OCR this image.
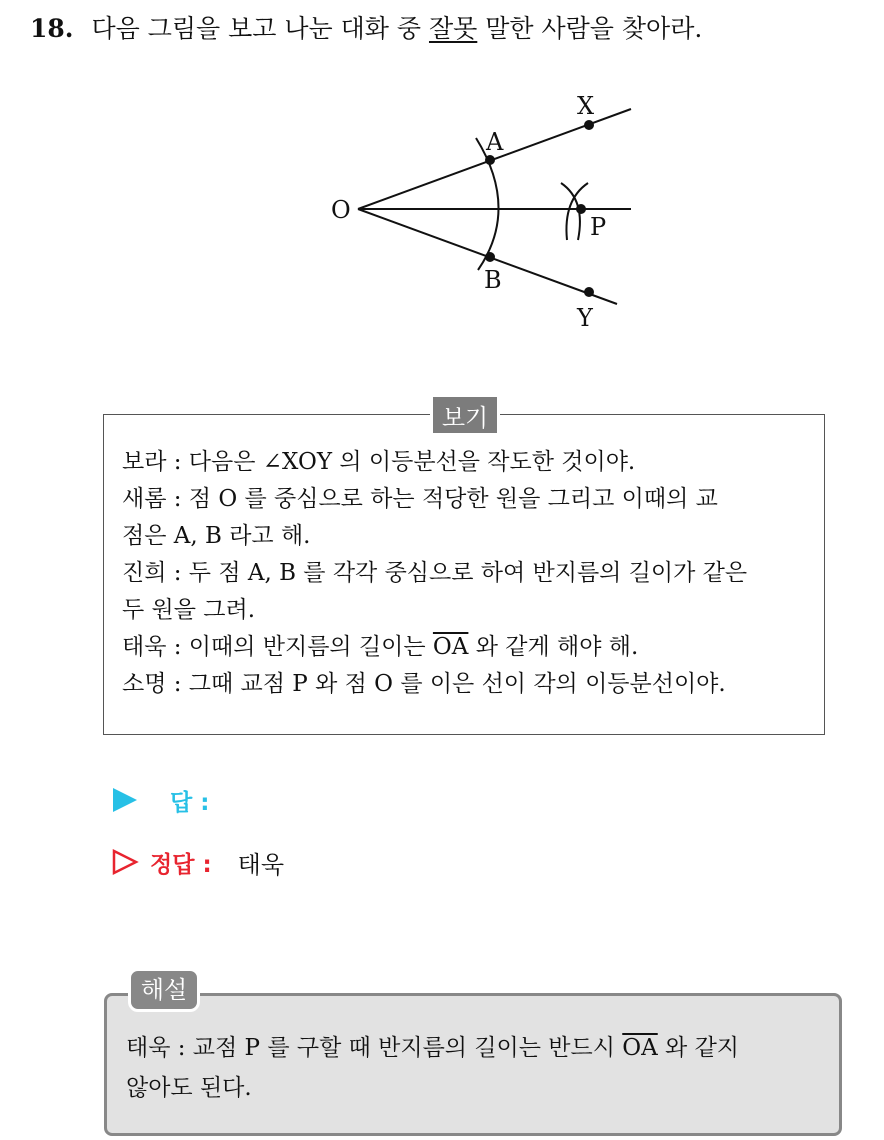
18. 다음 그림을 보고 나눈 대화 중 잘못 말한 사람을 찾아라.
O
A
B
X
Y
P
보기
보라 : 다음은 ∠XOY 의 이등분선을 작도한 것이야.
새롬 : 점 O 를 중심으로 하는 적당한 원을 그리고 이때의 교
점은 A, B 라고 해.
진희 : 두 점 A, B 를 각각 중심으로 하여 반지름의 길이가 같은
두 원을 그려.
태욱 : 이때의 반지름의 길이는 $\overline{OA}$ 와 같게 해야 해.
소명 : 그때 교점 P 와 점 O 를 이은 선이 각의 이등분선이야.
답 :
정답 : 태욱
해설
태욱 : 교점 P 를 구할 때 반지름의 길이는 반드시 $\overline{OA}$ 와 같지
않아도 된다.
